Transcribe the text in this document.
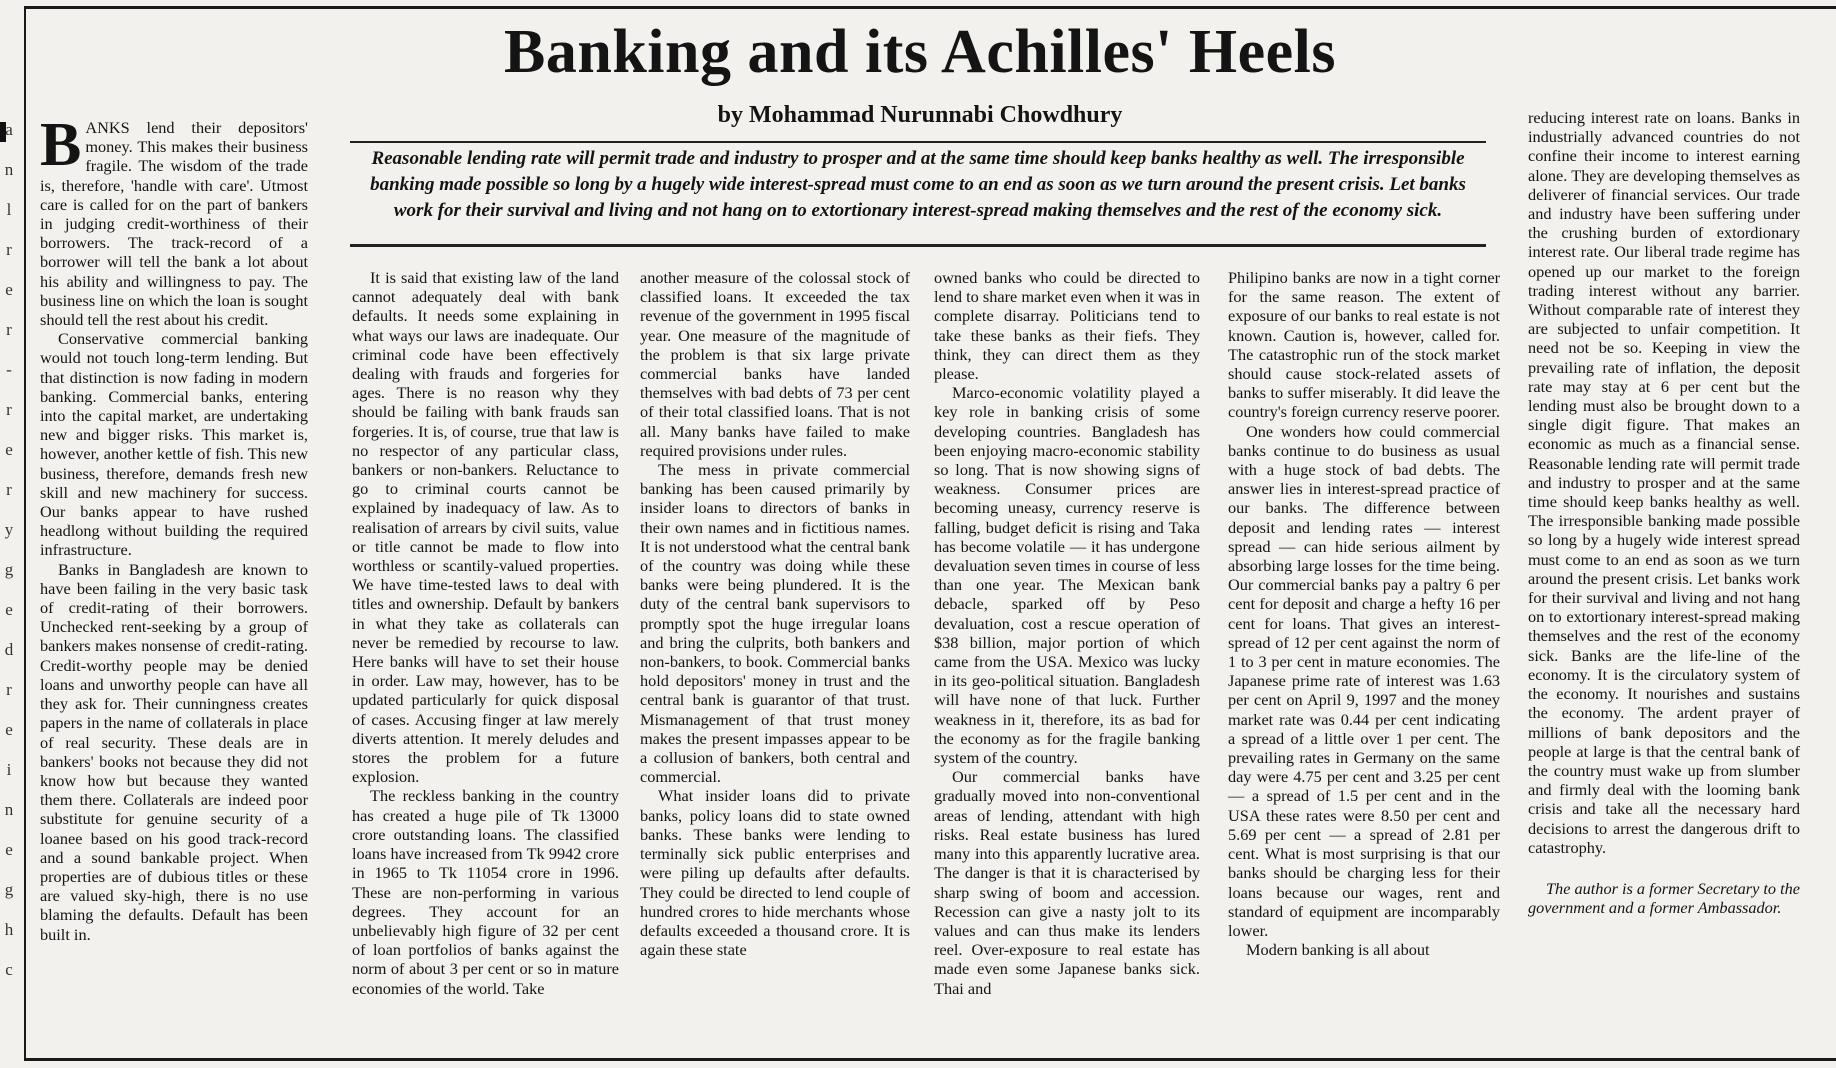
a
n
l
r
e
r
-
r
e
r
y
g
e
d
r
e
i
n
e
g
h
c
Banking and its Achilles' Heels
by Mohammad Nurunnabi Chowdhury
Reasonable lending rate will permit trade and industry to prosper and at the same time should keep banks healthy as well. The irresponsible banking made possible so long by a hugely wide interest-spread must come to an end as soon as we turn around the present crisis. Let banks work for their survival and living and not hang on to extortionary interest-spread making themselves and the rest of the economy sick.

BANKS lend their depositors' money. This makes their business fragile. The wisdom of the trade is, therefore, 'handle with care'. Utmost care is called for on the part of bankers in judging credit-worthiness of their borrowers. The track-record of a borrower will tell the bank a lot about his ability and willingness to pay. The business line on which the loan is sought should tell the rest about his credit.

Conservative commercial banking would not touch long-term lending. But that distinction is now fading in modern banking. Commercial banks, entering into the capital market, are undertaking new and bigger risks. This market is, however, another kettle of fish. This new business, therefore, demands fresh new skill and new machinery for success. Our banks appear to have rushed headlong without building the required infrastructure.

Banks in Bangladesh are known to have been failing in the very basic task of credit-rating of their borrowers. Unchecked rent-seeking by a group of bankers makes nonsense of credit-rating. Credit-worthy people may be denied loans and unworthy people can have all they ask for. Their cunningness creates papers in the name of collaterals in place of real security. These deals are in bankers' books not because they did not know how but because they wanted them there. Collaterals are indeed poor substitute for genuine security of a loanee based on his good track-record and a sound bankable project. When properties are of dubious titles or these are valued sky-high, there is no use blaming the defaults. Default has been built in.

It is said that existing law of the land cannot adequately deal with bank defaults. It needs some explaining in what ways our laws are inadequate. Our criminal code have been effectively dealing with frauds and forgeries for ages. There is no reason why they should be failing with bank frauds san forgeries. It is, of course, true that law is no respector of any particular class, bankers or non-bankers. Reluctance to go to criminal courts cannot be explained by inadequacy of law. As to realisation of arrears by civil suits, value or title cannot be made to flow into worthless or scantily-valued properties. We have time-tested laws to deal with titles and ownership. Default by bankers in what they take as collaterals can never be remedied by recourse to law. Here banks will have to set their house in order. Law may, however, has to be updated particularly for quick disposal of cases. Accusing finger at law merely diverts attention. It merely deludes and stores the problem for a future explosion.

The reckless banking in the country has created a huge pile of Tk 13000 crore outstanding loans. The classified loans have increased from Tk 9942 crore in 1965 to Tk 11054 crore in 1996. These are non-performing in various degrees. They account for an unbelievably high figure of 32 per cent of loan portfolios of banks against the norm of about 3 per cent or so in mature economies of the world. Take

another measure of the colossal stock of classified loans. It exceeded the tax revenue of the government in 1995 fiscal year. One measure of the magnitude of the problem is that six large private commercial banks have landed themselves with bad debts of 73 per cent of their total classified loans. That is not all. Many banks have failed to make required provisions under rules.

The mess in private commercial banking has been caused primarily by insider loans to directors of banks in their own names and in fictitious names. It is not understood what the central bank of the country was doing while these banks were being plundered. It is the duty of the central bank supervisors to promptly spot the huge irregular loans and bring the culprits, both bankers and non-bankers, to book. Commercial banks hold depositors' money in trust and the central bank is guarantor of that trust. Mismanagement of that trust money makes the present impasses appear to be a collusion of bankers, both central and commercial.

What insider loans did to private banks, policy loans did to state owned banks. These banks were lending to terminally sick public enterprises and were piling up defaults after defaults. They could be directed to lend couple of hundred crores to hide merchants whose defaults exceeded a thousand crore. It is again these state

owned banks who could be directed to lend to share market even when it was in complete disarray. Politicians tend to take these banks as their fiefs. They think, they can direct them as they please.

Marco-economic volatility played a key role in banking crisis of some developing countries. Bangladesh has been enjoying macro-economic stability so long. That is now showing signs of weakness. Consumer prices are becoming uneasy, currency reserve is falling, budget deficit is rising and Taka has become volatile — it has undergone devaluation seven times in course of less than one year. The Mexican bank debacle, sparked off by Peso devaluation, cost a rescue operation of $38 billion, major portion of which came from the USA. Mexico was lucky in its geo-political situation. Bangladesh will have none of that luck. Further weakness in it, therefore, its as bad for the economy as for the fragile banking system of the country.

Our commercial banks have gradually moved into non-conventional areas of lending, attendant with high risks. Real estate business has lured many into this apparently lucrative area. The danger is that it is characterised by sharp swing of boom and accession. Recession can give a nasty jolt to its values and can thus make its lenders reel. Over-exposure to real estate has made even some Japanese banks sick. Thai and

Philipino banks are now in a tight corner for the same reason. The extent of exposure of our banks to real estate is not known. Caution is, however, called for. The catastrophic run of the stock market should cause stock-related assets of banks to suffer miserably. It did leave the country's foreign currency reserve poorer.

One wonders how could commercial banks continue to do business as usual with a huge stock of bad debts. The answer lies in interest-spread practice of our banks. The difference between deposit and lending rates — interest spread — can hide serious ailment by absorbing large losses for the time being. Our commercial banks pay a paltry 6 per cent for deposit and charge a hefty 16 per cent for loans. That gives an interest-spread of 12 per cent against the norm of 1 to 3 per cent in mature economies. The Japanese prime rate of interest was 1.63 per cent on April 9, 1997 and the money market rate was 0.44 per cent indicating a spread of a little over 1 per cent. The prevailing rates in Germany on the same day were 4.75 per cent and 3.25 per cent — a spread of 1.5 per cent and in the USA these rates were 8.50 per cent and 5.69 per cent — a spread of 2.81 per cent. What is most surprising is that our banks should be charging less for their loans because our wages, rent and standard of equipment are incomparably lower.

Modern banking is all about

reducing interest rate on loans. Banks in industrially advanced countries do not confine their income to interest earning alone. They are developing themselves as deliverer of financial services. Our trade and industry have been suffering under the crushing burden of extordionary interest rate. Our liberal trade regime has opened up our market to the foreign trading interest without any barrier. Without comparable rate of interest they are subjected to unfair competition. It need not be so. Keeping in view the prevailing rate of inflation, the deposit rate may stay at 6 per cent but the lending must also be brought down to a single digit figure. That makes an economic as much as a financial sense. Reasonable lending rate will permit trade and industry to prosper and at the same time should keep banks healthy as well. The irresponsible banking made possible so long by a hugely wide interest spread must come to an end as soon as we turn around the present crisis. Let banks work for their survival and living and not hang on to extortionary interest-spread making themselves and the rest of the economy sick. Banks are the life-line of the economy. It is the circulatory system of the economy. It nourishes and sustains the economy. The ardent prayer of millions of bank depositors and the people at large is that the central bank of the country must wake up from slumber and firmly deal with the looming bank crisis and take all the necessary hard decisions to arrest the dangerous drift to catastrophy.

The author is a former Secretary to the government and a former Ambassador.
